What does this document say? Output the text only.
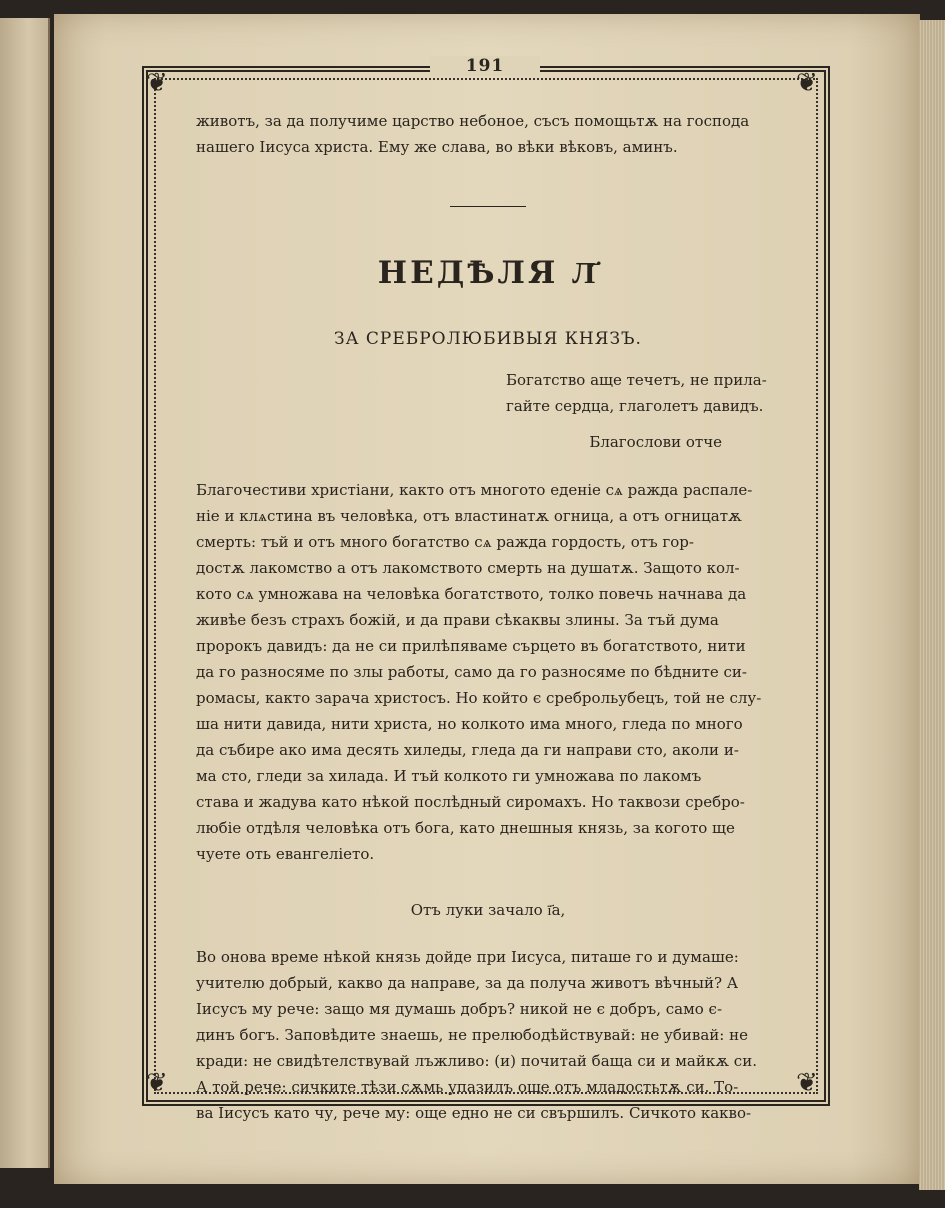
❦	❦
❦	❦
191

животъ, за да получиме царство небоное, съсъ помощьтѫ на господа
нашего Іисуса христа. Ему же слава, во вѣки вѣковъ, аминъ.

НЕДѢЛЯ Л҃
ЗА СРЕБРОЛЮБИВЫЯ КНЯЗЪ.
Богатство аще течетъ, не прила-
гайте сердца, глаголетъ давидъ.
Благослови отче
Благочестиви христіани, както отъ многото еденіе сѧ ражда распале-
ніе и клѧстина въ человѣка, отъ властинатѫ огница, а отъ огницатѫ
смерть: тъй и отъ много богатство сѧ ражда гордость, отъ гор-
достѫ лакомство а отъ лакомството смерть на душатѫ. Защото кол-
кото сѧ умножава на человѣка богатството, толко повечь начнава да
живѣе безъ страхъ божій, и да прави сѣкаквы злины. За тъй дума
пророкъ давидъ: да не си прилѣпяваме сърцето въ богатството, нити
да го разносяме по злы работы, само да го разносяме по бѣдните си-
ромасы, както зарача христосъ. Но който є среброльубецъ, той не слу-
ша нити давида, нити христа, но колкото има много, гледа по много
да събире ако има десять хиледы, гледа да ги направи сто, аколи и-
ма сто, гледи за хилада. И тъй колкото ги умножава по лакомъ
става и жадува като нѣкой послѣдный сиромахъ. Но таквози сребро-
любіе отдѣля человѣка отъ бога, като днешныя князь, за когото ще
чуете оть евангеліето.
Отъ луки зачало ї҃а,
Во онова време нѣкой князь дойде при Іисуса, питаше го и думаше:
учителю добрый, какво да направе, за да получа животъ вѣчный? А
Іисусъ му рече: защо мя думашь добръ? никой не є добръ, само є-
динъ богъ. Заповѣдите знаешь, не прелюбодѣйствувай: не убивай: не
кради: не свидѣтелствувай лъжливо: (и) почитай баща си и майкѫ си.
А той рече: сичките тѣзи сѫмь упазилъ още отъ младостьтѫ си. То-
ва Іисусъ като чу, рече му: още едно не си свършилъ. Сичкото какво-
